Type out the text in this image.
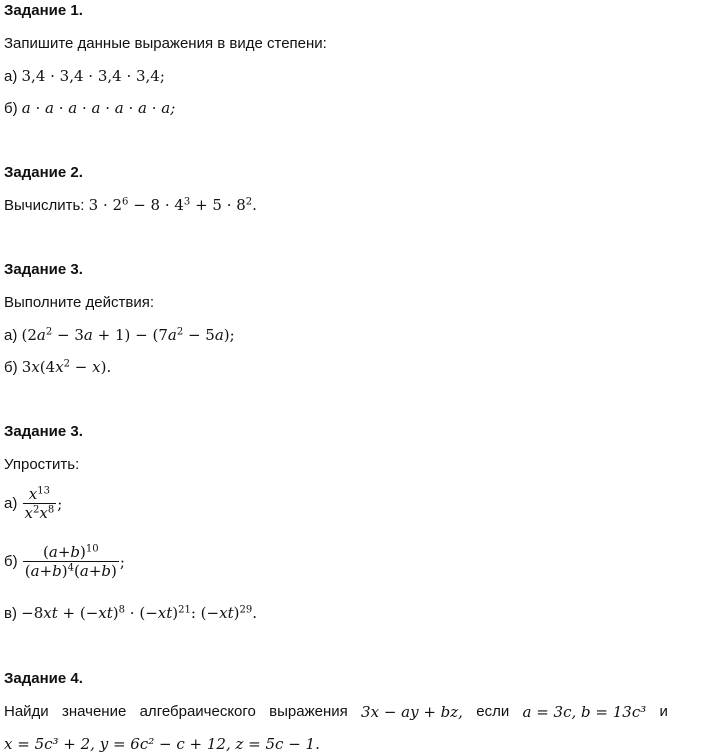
Задание 1.
Запишите данные выражения в виде степени:
а) 3,4 · 3,4 · 3,4 · 3,4;
б) a · a · a · a · a · a · a;
Задание 2.
Вычислить: $3 \cdot 2^6 - 8 \cdot 4^3 + 5 \cdot 8^2$.
Задание 3.
Выполните действия:
а) $(2a^2 - 3a + 1) - (7a^2 - 5a)$;
б) $3x(4x^2 - x)$.
Задание 3.
Упростить:
а)
$\frac{x^{13}}{x^2x^8}$ ;
б)
$\frac{(a+b)^{10}}{(a+b)^4(a+b)}$ ;
$в) -8xt + (-xt)^8 \cdot (-xt)^{21}$: $(-xt)^{29}$.
Задание 4.
Найди значение алгебраического выражения 3x − ay + bz, если a = 3c, b = 13c³ и
x = 5c³ + 2, y = 6c² − c + 12, z = 5c − 1.
